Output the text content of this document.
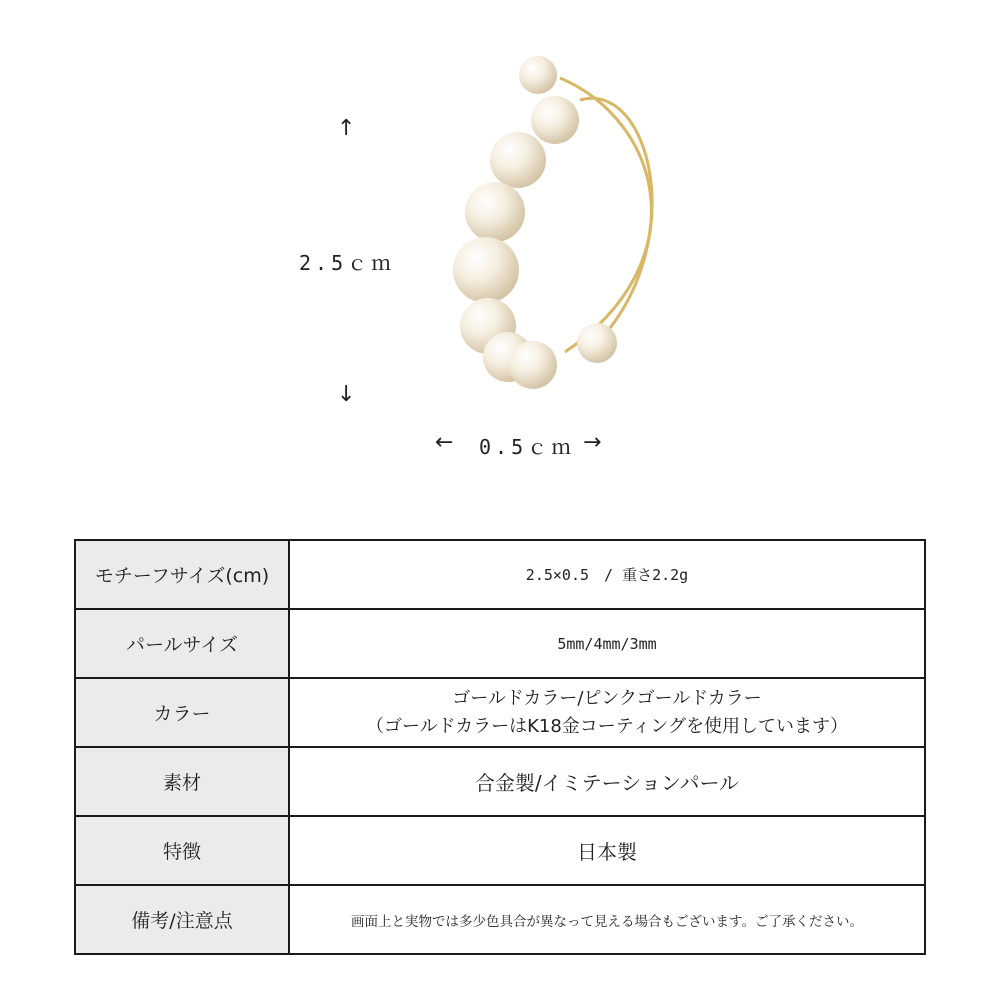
↑
2.5ｃｍ
↓
← 0.5ｃｍ →
モチーフサイズ(cm)	2.5×0.5　/ 重さ2.2g
パールサイズ	5mm/4mm/3mm
カラー	ゴールドカラー/ピンクゴールドカラー
（ゴールドカラーはK18金コーティングを使用しています）

素材	合金製/イミテーションパール
特徴	日本製
備考/注意点	画面上と実物では多少色具合が異なって見える場合もございます。ご了承ください。
